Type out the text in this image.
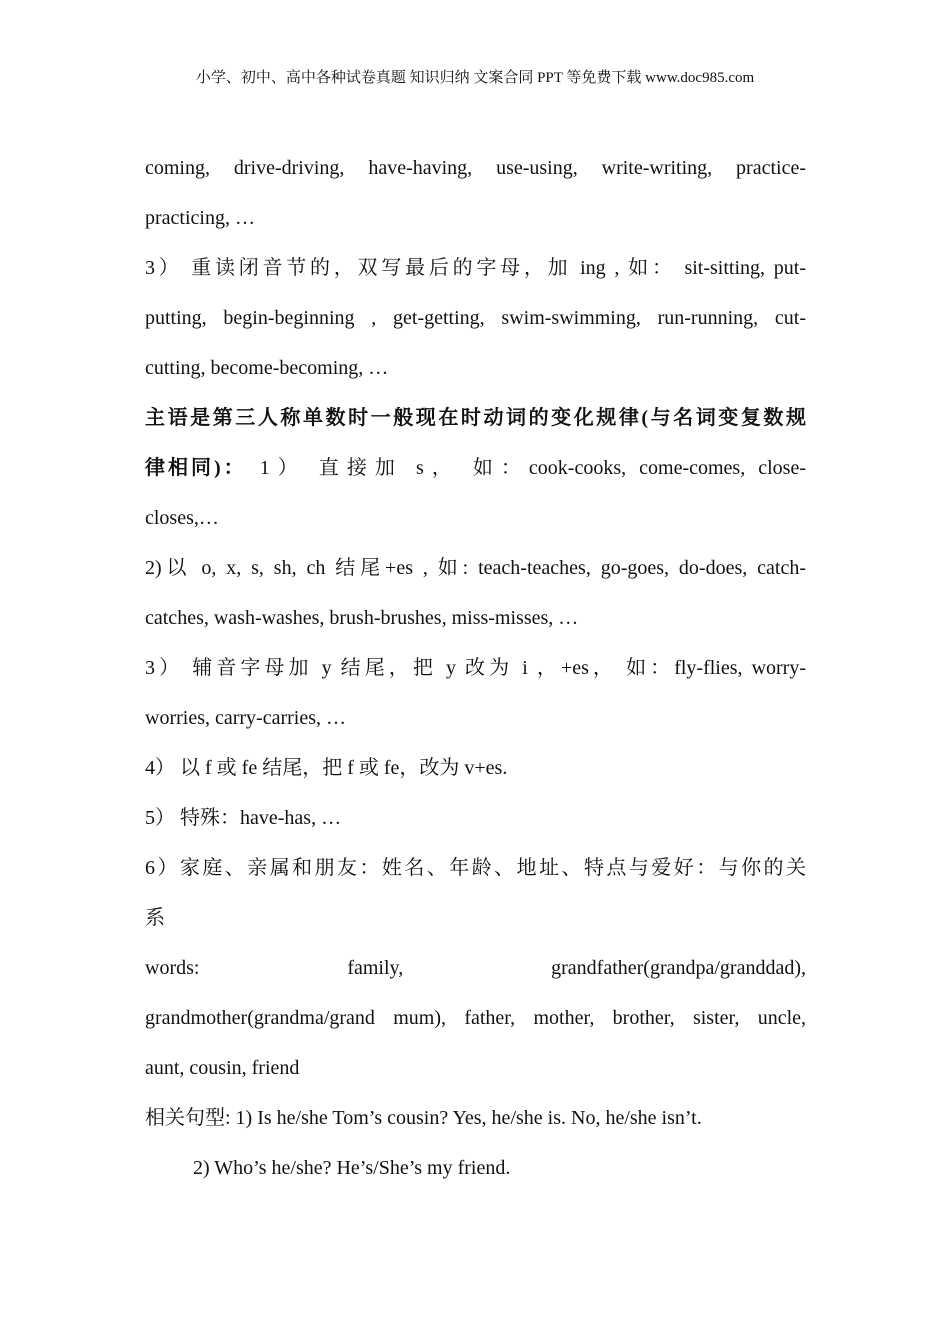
小学、初中、高中各种试卷真题 知识归纳 文案合同 PPT 等免费下载 www.doc985.com
coming, drive-driving, have-having, use-using, write-writing, practice-
practicing, …
3） 重读闭音节的，双写最后的字母，加 ing , 如： sit-sitting, put-
putting, begin-beginning , get-getting, swim-swimming, run-running, cut-
cutting, become-becoming, …
主语是第三人称单数时一般现在时动词的变化规律(与名词变复数规
律相同)： 1） 直接加 s， 如：cook-cooks, come-comes, close-
closes,…
2)以 o, x, s, sh, ch 结尾+es , 如: teach-teaches, go-goes, do-does, catch-
catches, wash-washes, brush-brushes, miss-misses, …
3） 辅音字母加 y 结尾，把 y 改为 i ，+es， 如：fly-flies, worry-
worries, carry-carries, …
4） 以 f 或 fe 结尾，把 f 或 fe，改为 v+es.
5） 特殊：have-has, …
6）家庭、亲属和朋友：姓名、年龄、地址、特点与爱好：与你的关
系
words: family, grandfather(grandpa/granddad),
grandmother(grandma/grand mum), father, mother, brother, sister, uncle,
aunt, cousin, friend
相关句型: 1) Is he/she Tom’s cousin? Yes, he/she is. No, he/she isn’t.
2) Who’s he/she? He’s/She’s my friend.
